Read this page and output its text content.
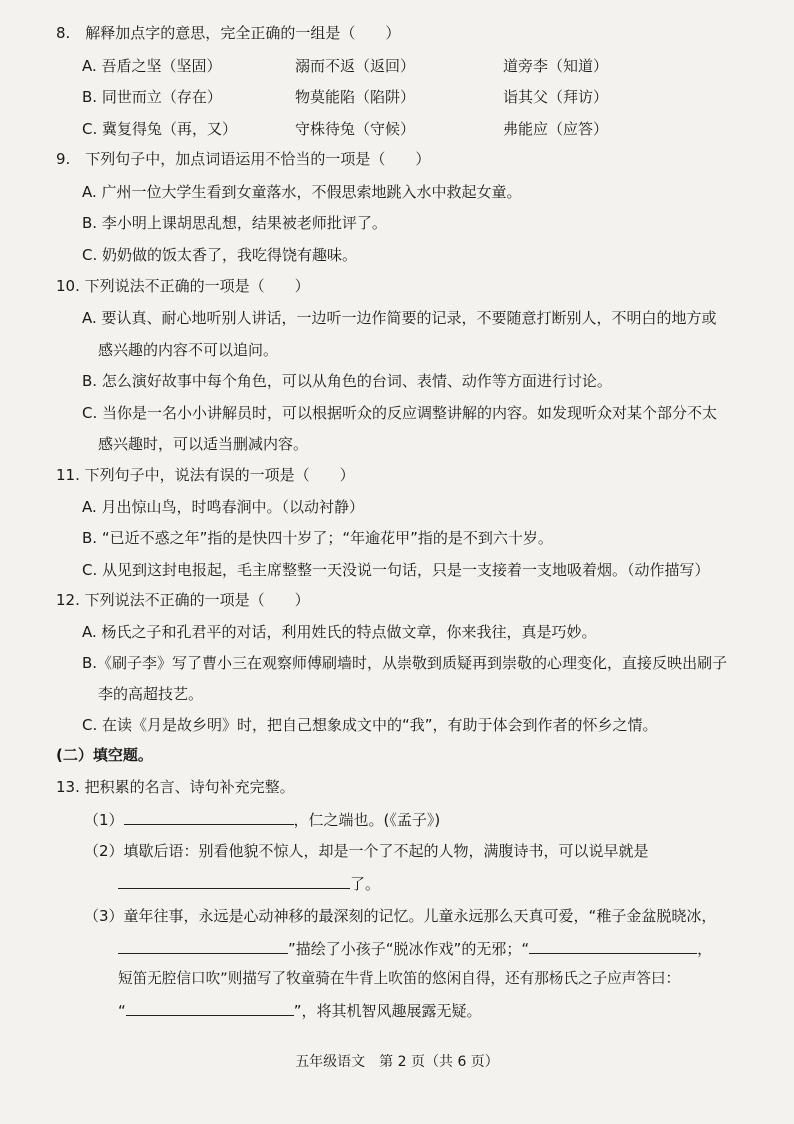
8.　解释加点字的意思，完全正确的一组是（　　）
A. 吾盾之坚（坚固）	溺而不返（返回）	道旁李（知道）
B. 同世而立（存在）	物莫能陷（陷阱）	诣其父（拜访）
C. 冀复得兔（再，又）	守株待兔（守候）	弗能应（应答）
9.　下列句子中，加点词语运用不恰当的一项是（　　）
A. 广州一位大学生看到女童落水，不假思索地跳入水中救起女童。
B. 李小明上课胡思乱想，结果被老师批评了。
C. 奶奶做的饭太香了，我吃得饶有趣味。
10. 下列说法不正确的一项是（　　）
A. 要认真、耐心地听别人讲话，一边听一边作简要的记录，不要随意打断别人，不明白的地方或
感兴趣的内容不可以追问。
B. 怎么演好故事中每个角色，可以从角色的台词、表情、动作等方面进行讨论。
C. 当你是一名小小讲解员时，可以根据听众的反应调整讲解的内容。如发现听众对某个部分不太
感兴趣时，可以适当删减内容。
11. 下列句子中，说法有误的一项是（　　）
A. 月出惊山鸟，时鸣春涧中。（以动衬静）
B. “已近不惑之年”指的是快四十岁了；“年逾花甲”指的是不到六十岁。
C. 从见到这封电报起，毛主席整整一天没说一句话，只是一支接着一支地吸着烟。（动作描写）
12. 下列说法不正确的一项是（　　）
A. 杨氏之子和孔君平的对话，利用姓氏的特点做文章，你来我往，真是巧妙。
B.《刷子李》写了曹小三在观察师傅刷墙时，从崇敬到质疑再到崇敬的心理变化，直接反映出刷子
李的高超技艺。
C. 在读《月是故乡明》时，把自己想象成文中的“我”，有助于体会到作者的怀乡之情。
(二）填空题。
13. 把积累的名言、诗句补充完整。
（1）	，仁之端也。(《孟子》)
（2）填歇后语：别看他貌不惊人，却是一个了不起的人物，满腹诗书，可以说早就是
了。
（3）童年往事，永远是心动神移的最深刻的记忆。儿童永远那么天真可爱，“稚子金盆脱晓冰，
”描绘了小孩子“脱冰作戏”的无邪；“	，
短笛无腔信口吹”则描写了牧童骑在牛背上吹笛的悠闲自得，还有那杨氏之子应声答曰：
“	”，将其机智风趣展露无疑。
五年级语文　第 2 页（共 6 页）
